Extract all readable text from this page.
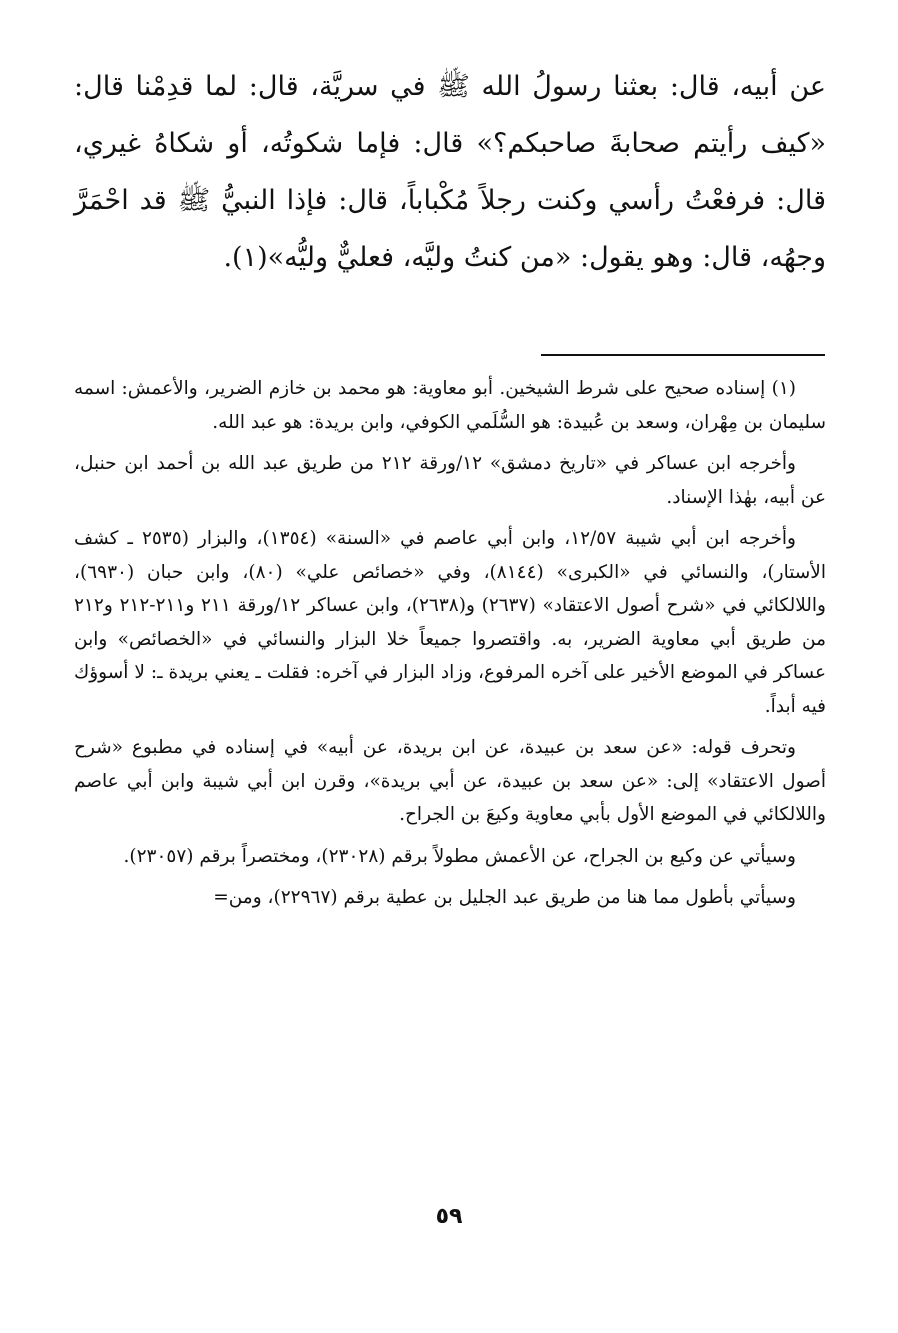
عن أبيه، قال: بعثنا رسولُ الله ﷺ في سريَّة، قال: لما قدِمْنا قال: «كيف رأيتم صحابةَ صاحبكم؟» قال: فإما شكوتُه، أو شكاهُ غيري، قال: فرفعْتُ رأسي وكنت رجلاً مُكْباباً، قال: فإذا النبيُّ ﷺ قد احْمَرَّ وجهُه، قال: وهو يقول: «من كنتُ وليَّه، فعليٌّ وليُّه»(١).

(١) إسناده صحيح على شرط الشيخين. أبو معاوية: هو محمد بن خازم الضرير، والأعمش: اسمه سليمان بن مِهْران، وسعد بن عُبيدة: هو السُّلَمي الكوفي، وابن بريدة: هو عبد الله.

وأخرجه ابن عساكر في «تاريخ دمشق» ١٢/ورقة ٢١٢ من طريق عبد الله بن أحمد ابن حنبل، عن أبيه، بهٰذا الإسناد.

وأخرجه ابن أبي شيبة ١٢/٥٧، وابن أبي عاصم في «السنة» (١٣٥٤)، والبزار (٢٥٣٥ ـ كشف الأستار)، والنسائي في «الكبرى» (٨١٤٤)، وفي «خصائص علي» (٨٠)، وابن حبان (٦٩٣٠)، واللالكائي في «شرح أصول الاعتقاد» (٢٦٣٧) و(٢٦٣٨)، وابن عساكر ١٢/ورقة ٢١١ و٢١١-٢١٢ و٢١٢ من طريق أبي معاوية الضرير، به. واقتصروا جميعاً خلا البزار والنسائي في «الخصائص» وابن عساكر في الموضع الأخير على آخره المرفوع، وزاد البزار في آخره: فقلت ـ يعني بريدة ـ: لا أسوؤك فيه أبداً.

وتحرف قوله: «عن سعد بن عبيدة، عن ابن بريدة، عن أبيه» في إسناده في مطبوع «شرح أصول الاعتقاد» إلى: «عن سعد بن عبيدة، عن أبي بريدة»، وقرن ابن أبي شيبة وابن أبي عاصم واللالكائي في الموضع الأول بأبي معاوية وكيعَ بن الجراح.

وسيأتي عن وكيع بن الجراح، عن الأعمش مطولاً برقم (٢٣٠٢٨)، ومختصراً برقم (٢٣٠٥٧).

وسيأتي بأطول مما هنا من طريق عبد الجليل بن عطية برقم (٢٢٩٦٧)، ومن=

٥٩
